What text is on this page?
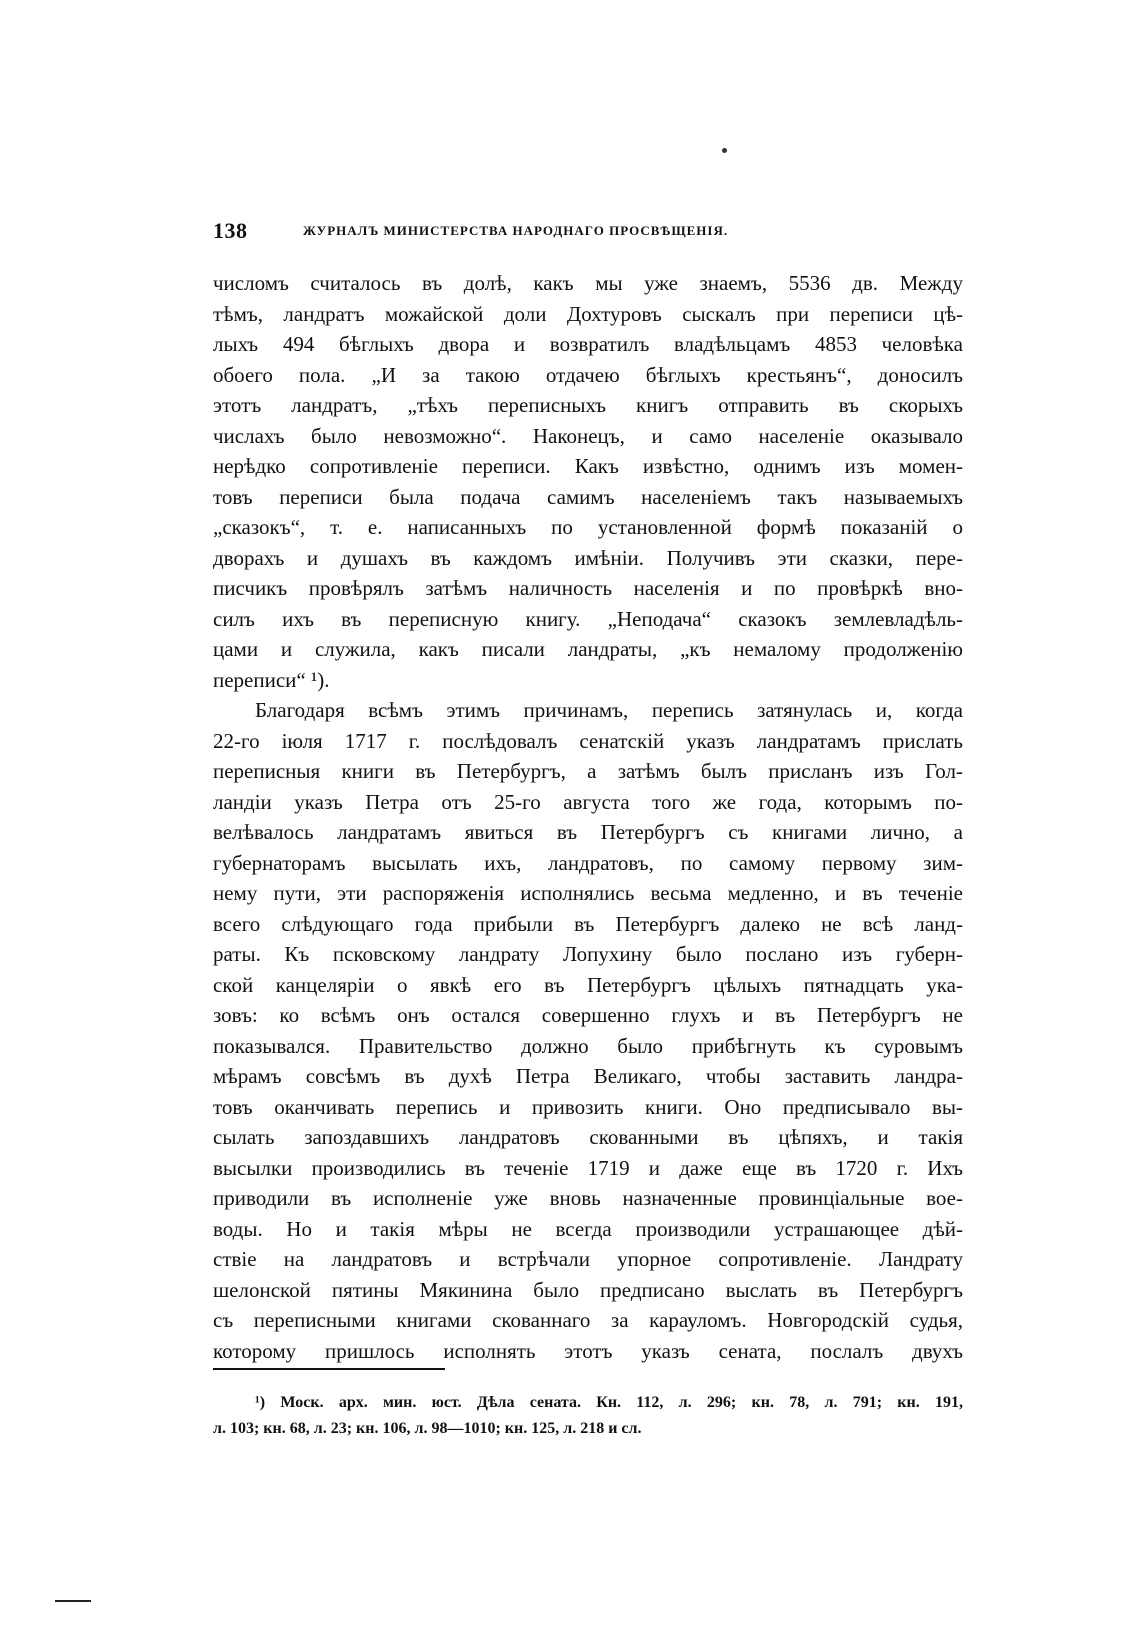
138	ЖУРНАЛЪ МИНИСТЕРСТВА НАРОДНАГО ПРОСВѢЩЕНІЯ.
числомъ считалось въ долѣ, какъ мы уже знаемъ, 5536 дв. Между
тѣмъ, ландратъ можайской доли Дохтуровъ сыскалъ при переписи цѣ-
лыхъ 494 бѣглыхъ двора и возвратилъ владѣльцамъ 4853 человѣка
обоего пола. „И за такою отдачею бѣглыхъ крестьянъ“, доносилъ
этотъ ландратъ, „тѣхъ переписныхъ книгъ отправить въ скорыхъ
числахъ было невозможно“. Наконецъ, и само населеніе оказывало
нерѣдко сопротивленіе переписи. Какъ извѣстно, однимъ изъ момен-
товъ переписи была подача самимъ населеніемъ такъ называемыхъ
„сказокъ“, т. е. написанныхъ по установленной формѣ показаній о
дворахъ и душахъ въ каждомъ имѣніи. Получивъ эти сказки, пере-
писчикъ провѣрялъ затѣмъ наличность населенія и по провѣркѣ вно-
силъ ихъ въ переписную книгу. „Неподача“ сказокъ землевладѣль-
цами и служила, какъ писали ландраты, „къ немалому продолженію
переписи“ ¹).
Благодаря всѣмъ этимъ причинамъ, перепись затянулась и, когда
22-го іюля 1717 г. послѣдовалъ сенатскій указъ ландратамъ прислать
переписныя книги въ Петербургъ, а затѣмъ былъ присланъ изъ Гол-
ландіи указъ Петра отъ 25-го августа того же года, которымъ по-
велѣвалось ландратамъ явиться въ Петербургъ съ книгами лично, а
губернаторамъ высылать ихъ, ландратовъ, по самому первому зим-
нему пути, эти распоряженія исполнялись весьма медленно, и въ теченіе
всего слѣдующаго года прибыли въ Петербургъ далеко не всѣ ланд-
раты. Къ псковскому ландрату Лопухину было послано изъ губерн-
ской канцеляріи о явкѣ его въ Петербургъ цѣлыхъ пятнадцать ука-
зовъ: ко всѣмъ онъ остался совершенно глухъ и въ Петербургъ не
показывался. Правительство должно было прибѣгнуть къ суровымъ
мѣрамъ совсѣмъ въ духѣ Петра Великаго, чтобы заставить ландра-
товъ оканчивать перепись и привозить книги. Оно предписывало вы-
сылать запоздавшихъ ландратовъ скованными въ цѣпяхъ, и такія
высылки производились въ теченіе 1719 и даже еще въ 1720 г. Ихъ
приводили въ исполненіе уже вновь назначенные провинціальные вое-
воды. Но и такія мѣры не всегда производили устрашающее дѣй-
ствіе на ландратовъ и встрѣчали упорное сопротивленіе. Ландрату
шелонской пятины Мякинина было предписано выслать въ Петербургъ
съ переписными книгами скованнаго за карауломъ. Новгородскій судья,
которому пришлось исполнять этотъ указъ сената, послалъ двухъ
¹) Моск. арх. мин. юст. Дѣла сената. Кн. 112, л. 296; кн. 78, л. 791; кн. 191,
л. 103; кн. 68, л. 23; кн. 106, л. 98—1010; кн. 125, л. 218 и сл.
